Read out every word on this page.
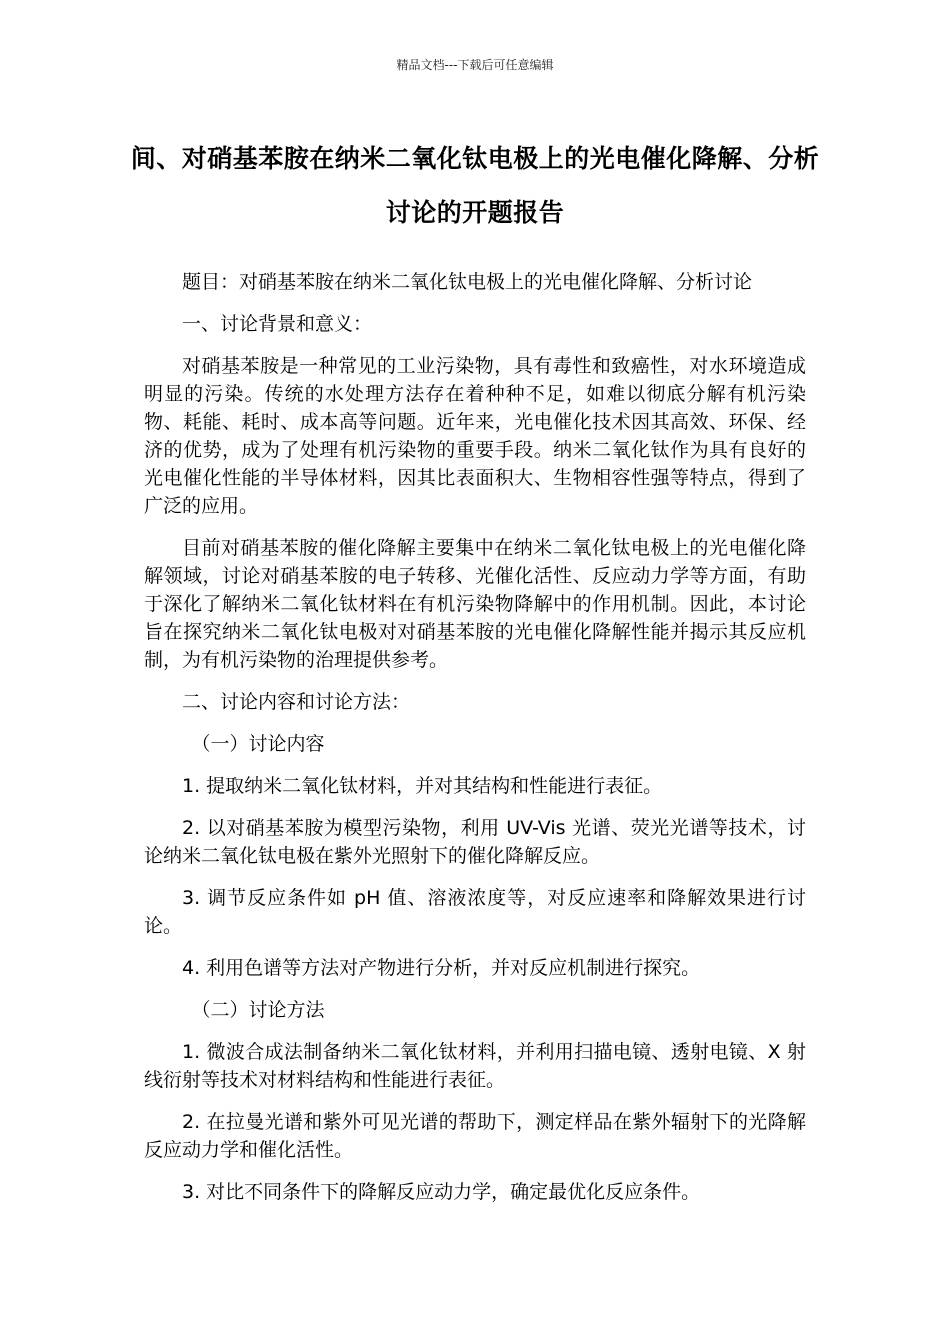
精品文档---下载后可任意编辑
间、对硝基苯胺在纳米二氧化钛电极上的光电催化降解、分析讨论的开题报告

题目：对硝基苯胺在纳米二氧化钛电极上的光电催化降解、分析讨论

一、讨论背景和意义：

对硝基苯胺是一种常见的工业污染物，具有毒性和致癌性，对水环境造成明显的污染。传统的水处理方法存在着种种不足，如难以彻底分解有机污染物、耗能、耗时、成本高等问题。近年来，光电催化技术因其高效、环保、经济的优势，成为了处理有机污染物的重要手段。纳米二氧化钛作为具有良好的光电催化性能的半导体材料，因其比表面积大、生物相容性强等特点，得到了广泛的应用。

目前对硝基苯胺的催化降解主要集中在纳米二氧化钛电极上的光电催化降解领域，讨论对硝基苯胺的电子转移、光催化活性、反应动力学等方面，有助于深化了解纳米二氧化钛材料在有机污染物降解中的作用机制。因此，本讨论旨在探究纳米二氧化钛电极对对硝基苯胺的光电催化降解性能并揭示其反应机制，为有机污染物的治理提供参考。

二、讨论内容和讨论方法：

（一）讨论内容

1. 提取纳米二氧化钛材料，并对其结构和性能进行表征。

2. 以对硝基苯胺为模型污染物，利用 UV-Vis 光谱、荧光光谱等技术，讨论纳米二氧化钛电极在紫外光照射下的催化降解反应。

3. 调节反应条件如 pH 值、溶液浓度等，对反应速率和降解效果进行讨论。

4. 利用色谱等方法对产物进行分析，并对反应机制进行探究。

（二）讨论方法

1. 微波合成法制备纳米二氧化钛材料，并利用扫描电镜、透射电镜、X 射线衍射等技术对材料结构和性能进行表征。

2. 在拉曼光谱和紫外可见光谱的帮助下，测定样品在紫外辐射下的光降解反应动力学和催化活性。

3. 对比不同条件下的降解反应动力学，确定最优化反应条件。
